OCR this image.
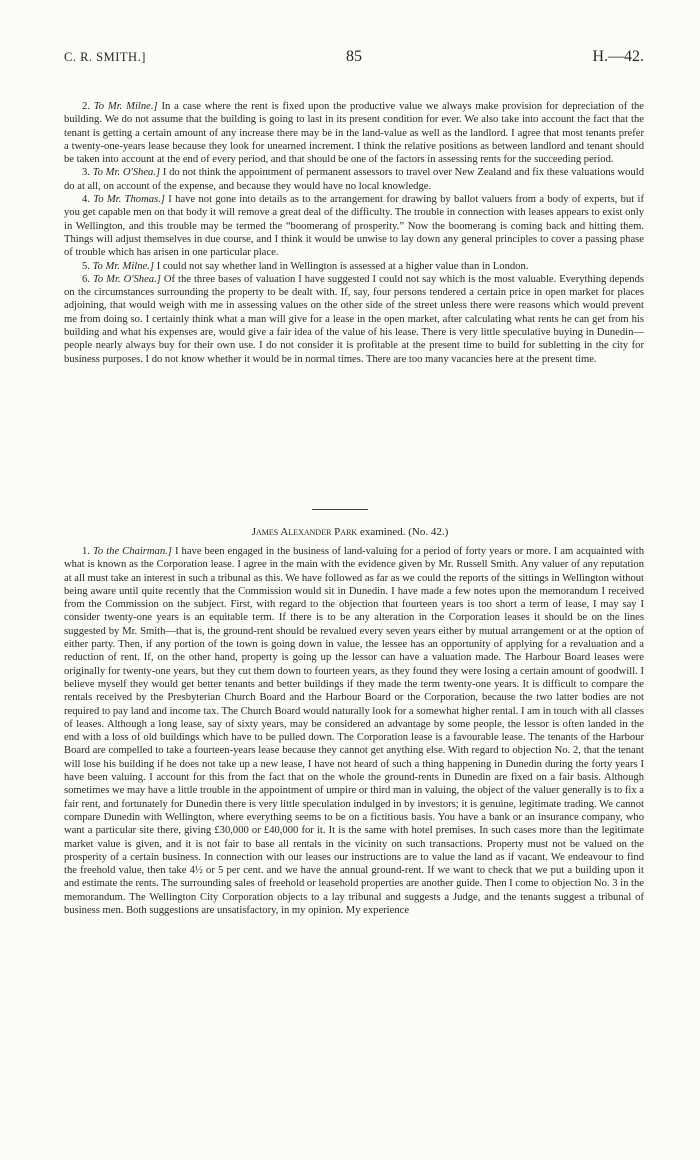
C. R. SMITH.]	85	H.—42.

2. To Mr. Milne.] In a case where the rent is fixed upon the productive value we always make provision for depreciation of the building. We do not assume that the building is going to last in its present condition for ever. We also take into account the fact that the tenant is getting a certain amount of any increase there may be in the land-value as well as the landlord. I agree that most tenants prefer a twenty-one-years lease because they look for unearned increment. I think the relative positions as between landlord and tenant should be taken into account at the end of every period, and that should be one of the factors in assessing rents for the succeeding period.

3. To Mr. O'Shea.] I do not think the appointment of permanent assessors to travel over New Zealand and fix these valuations would do at all, on account of the expense, and because they would have no local knowledge.

4. To Mr. Thomas.] I have not gone into details as to the arrangement for drawing by ballot valuers from a body of experts, but if you get capable men on that body it will remove a great deal of the difficulty. The trouble in connection with leases appears to exist only in Wellington, and this trouble may be termed the “boomerang of prosperity.” Now the boomerang is coming back and hitting them. Things will adjust themselves in due course, and I think it would be unwise to lay down any general principles to cover a passing phase of trouble which has arisen in one particular place.

5. To Mr. Milne.] I could not say whether land in Wellington is assessed at a higher value than in London.

6. To Mr. O'Shea.] Of the three bases of valuation I have suggested I could not say which is the most valuable. Everything depends on the circumstances surrounding the property to be dealt with. If, say, four persons tendered a certain price in open market for places adjoining, that would weigh with me in assessing values on the other side of the street unless there were reasons which would prevent me from doing so. I certainly think what a man will give for a lease in the open market, after calculating what rents he can get from his building and what his expenses are, would give a fair idea of the value of his lease. There is very little speculative buying in Dunedin—people nearly always buy for their own use. I do not consider it is profitable at the present time to build for subletting in the city for business purposes. I do not know whether it would be in normal times. There are too many vacancies here at the present time.

James Alexander Park examined. (No. 42.)

1. To the Chairman.] I have been engaged in the business of land-valuing for a period of forty years or more. I am acquainted with what is known as the Corporation lease. I agree in the main with the evidence given by Mr. Russell Smith. Any valuer of any reputation at all must take an interest in such a tribunal as this. We have followed as far as we could the reports of the sittings in Wellington without being aware until quite recently that the Commission would sit in Dunedin. I have made a few notes upon the memorandum I received from the Commission on the subject. First, with regard to the objection that fourteen years is too short a term of lease, I may say I consider twenty-one years is an equitable term. If there is to be any alteration in the Corporation leases it should be on the lines suggested by Mr. Smith—that is, the ground-rent should be revalued every seven years either by mutual arrangement or at the option of either party. Then, if any portion of the town is going down in value, the lessee has an opportunity of applying for a revaluation and a reduction of rent. If, on the other hand, property is going up the lessor can have a valuation made. The Harbour Board leases were originally for twenty-one years, but they cut them down to fourteen years, as they found they were losing a certain amount of goodwill. I believe myself they would get better tenants and better buildings if they made the term twenty-one years. It is difficult to compare the rentals received by the Presbyterian Church Board and the Harbour Board or the Corporation, because the two latter bodies are not required to pay land and income tax. The Church Board would naturally look for a somewhat higher rental. I am in touch with all classes of leases. Although a long lease, say of sixty years, may be considered an advantage by some people, the lessor is often landed in the end with a loss of old buildings which have to be pulled down. The Corporation lease is a favourable lease. The tenants of the Harbour Board are compelled to take a fourteen-years lease because they cannot get anything else. With regard to objection No. 2, that the tenant will lose his building if he does not take up a new lease, I have not heard of such a thing happening in Dunedin during the forty years I have been valuing. I account for this from the fact that on the whole the ground-rents in Dunedin are fixed on a fair basis. Although sometimes we may have a little trouble in the appointment of umpire or third man in valuing, the object of the valuer generally is to fix a fair rent, and fortunately for Dunedin there is very little speculation indulged in by investors; it is genuine, legitimate trading. We cannot compare Dunedin with Wellington, where everything seems to be on a fictitious basis. You have a bank or an insurance company, who want a particular site there, giving £30,000 or £40,000 for it. It is the same with hotel premises. In such cases more than the legitimate market value is given, and it is not fair to base all rentals in the vicinity on such transactions. Property must not be valued on the prosperity of a certain business. In connection with our leases our instructions are to value the land as if vacant. We endeavour to find the freehold value, then take 4½ or 5 per cent. and we have the annual ground-rent. If we want to check that we put a building upon it and estimate the rents. The surrounding sales of freehold or leasehold properties are another guide. Then I come to objection No. 3 in the memorandum. The Wellington City Corporation objects to a lay tribunal and suggests a Judge, and the tenants suggest a tribunal of business men. Both suggestions are unsatisfactory, in my opinion. My experience
